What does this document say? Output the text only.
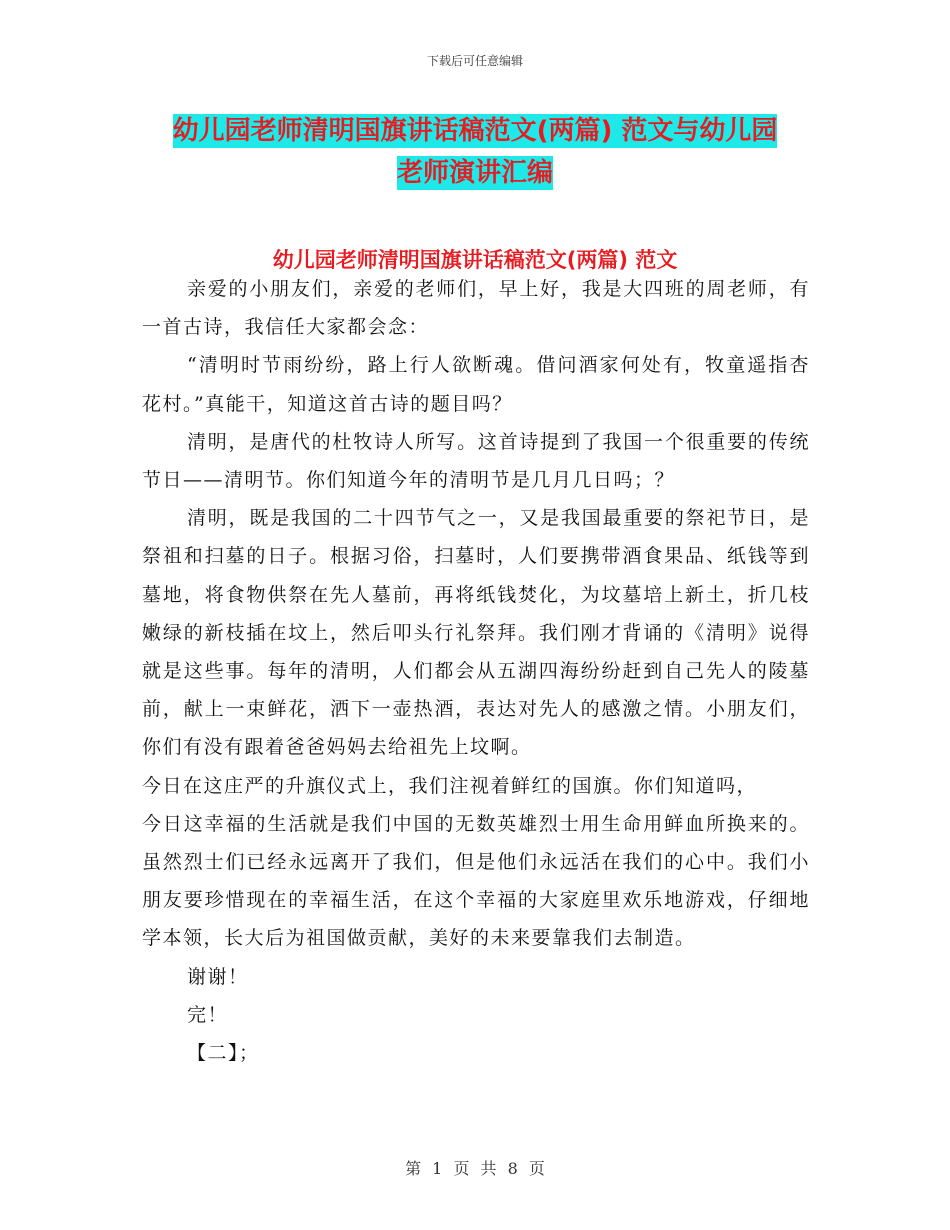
下载后可任意编辑
幼儿园老师清明国旗讲话稿范文(两篇) 范文与幼儿园
老师演讲汇编
幼儿园老师清明国旗讲话稿范文(两篇) 范文

亲爱的小朋友们，亲爱的老师们，早上好，我是大四班的周老师，有一首古诗，我信任大家都会念：

“清明时节雨纷纷，路上行人欲断魂。借问酒家何处有，牧童遥指杏花村。”真能干，知道这首古诗的题目吗？

清明，是唐代的杜牧诗人所写。这首诗提到了我国一个很重要的传统节日——清明节。你们知道今年的清明节是几月几日吗；？

清明，既是我国的二十四节气之一，又是我国最重要的祭祀节日，是祭祖和扫墓的日子。根据习俗，扫墓时，人们要携带酒食果品、纸钱等到墓地，将食物供祭在先人墓前，再将纸钱焚化，为坟墓培上新土，折几枝嫩绿的新枝插在坟上，然后叩头行礼祭拜。我们刚才背诵的《清明》说得就是这些事。每年的清明，人们都会从五湖四海纷纷赶到自己先人的陵墓前，献上一束鲜花，洒下一壶热酒，表达对先人的感激之情。小朋友们，你们有没有跟着爸爸妈妈去给祖先上坟啊。

今日在这庄严的升旗仪式上，我们注视着鲜红的国旗。你们知道吗，

今日这幸福的生活就是我们中国的无数英雄烈士用生命用鲜血所换来的。虽然烈士们已经永远离开了我们，但是他们永远活在我们的心中。我们小朋友要珍惜现在的幸福生活，在这个幸福的大家庭里欢乐地游戏，仔细地学本领，长大后为祖国做贡献，美好的未来要靠我们去制造。

谢谢！

完！

【二】；

第 1 页 共 8 页
